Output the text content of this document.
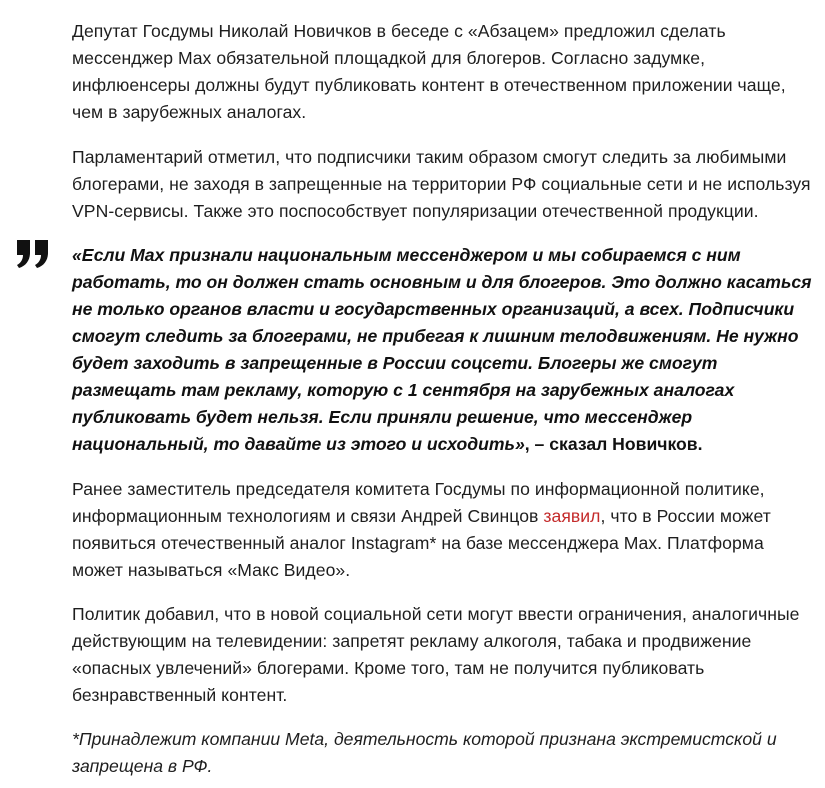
Депутат Госдумы Николай Новичков в беседе с «Абзацем» предложил сделать мессенджер Max обязательной площадкой для блогеров. Согласно задумке, инфлюенсеры должны будут публиковать контент в отечественном приложении чаще, чем в зарубежных аналогах.

Парламентарий отметил, что подписчики таким образом смогут следить за любимыми блогерами, не заходя в запрещенные на территории РФ социальные сети и не используя VPN-сервисы. Также это поспособствует популяризации отечественной продукции.

«Если Max признали национальным мессенджером и мы собираемся с ним работать, то он должен стать основным и для блогеров. Это должно касаться не только органов власти и государственных организаций, а всех. Подписчики смогут следить за блогерами, не прибегая к лишним телодвижениям. Не нужно будет заходить в запрещенные в России соцсети. Блогеры же смогут размещать там рекламу, которую с 1 сентября на зарубежных аналогах публиковать будет нельзя. Если приняли решение, что мессенджер национальный, то давайте из этого и исходить», – сказал Новичков.

Ранее заместитель председателя комитета Госдумы по информационной политике, информационным технологиям и связи Андрей Свинцов заявил, что в России может появиться отечественный аналог Instagram* на базе мессенджера Max. Платформа может называться «Макс Видео».

Политик добавил, что в новой социальной сети могут ввести ограничения, аналогичные действующим на телевидении: запретят рекламу алкоголя, табака и продвижение «опасных увлечений» блогерами. Кроме того, там не получится публиковать безнравственный контент.

*Принадлежит компании Meta, деятельность которой признана экстремистской и запрещена в РФ.
